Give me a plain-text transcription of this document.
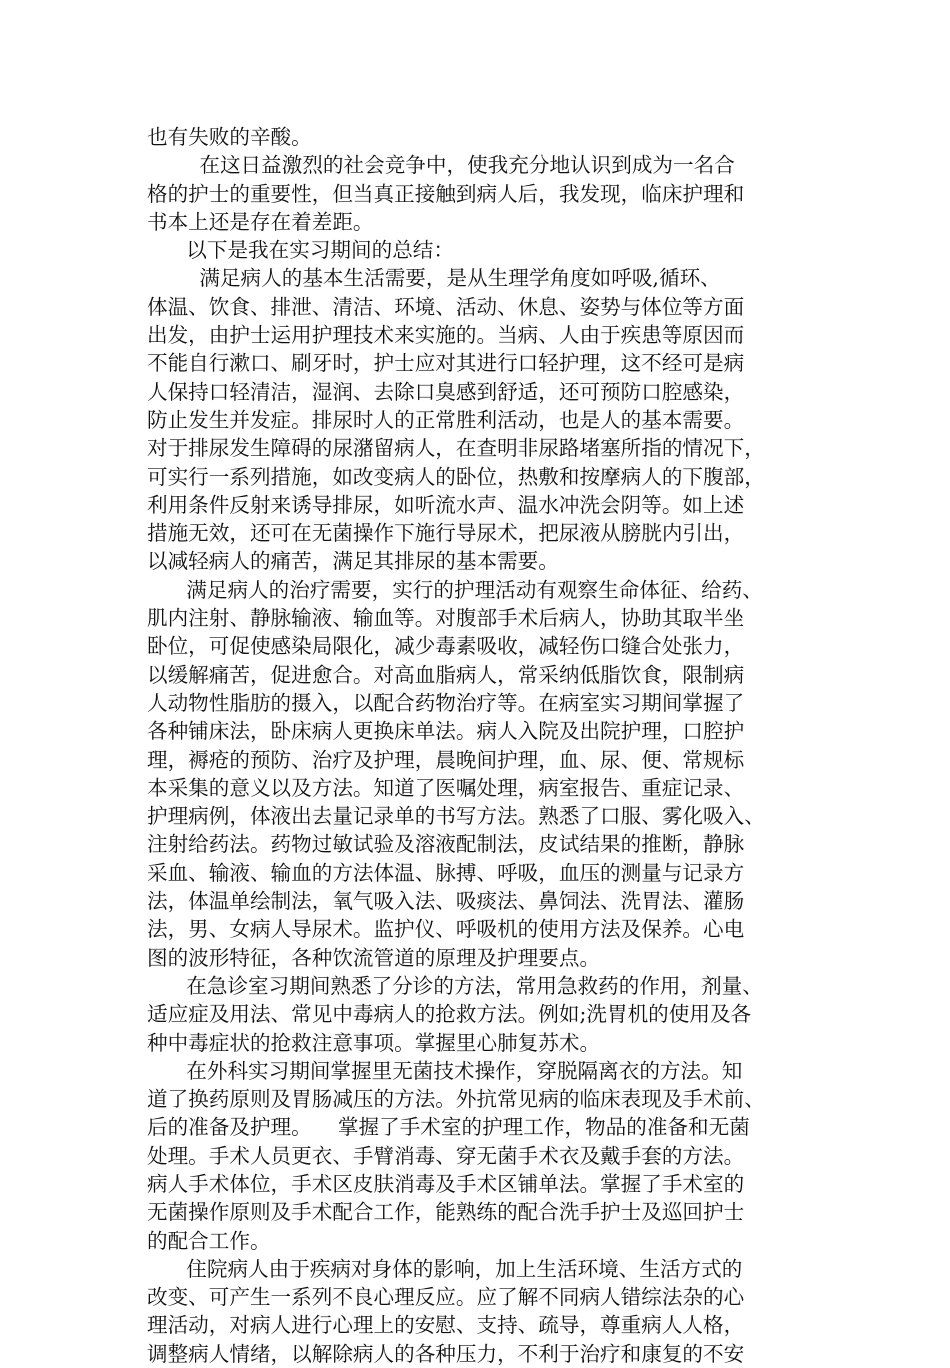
也有失败的辛酸。
在这日益激烈的社会竞争中，使我充分地认识到成为一名合
格的护士的重要性，但当真正接触到病人后，我发现，临床护理和
书本上还是存在着差距。
以下是我在实习期间的总结：
满足病人的基本生活需要，是从生理学角度如呼吸,循环、
体温、饮食、排泄、清洁、环境、活动、休息、姿势与体位等方面
出发，由护士运用护理技术来实施的。当病、人由于疾患等原因而
不能自行漱口、刷牙时，护士应对其进行口轻护理，这不经可是病
人保持口轻清洁，湿润、去除口臭感到舒适，还可预防口腔感染，
防止发生并发症。排尿时人的正常胜利活动，也是人的基本需要。
对于排尿发生障碍的尿潴留病人，在查明非尿路堵塞所指的情况下，
可实行一系列措施，如改变病人的卧位，热敷和按摩病人的下腹部，
利用条件反射来诱导排尿，如听流水声、温水冲洗会阴等。如上述
措施无效，还可在无菌操作下施行导尿术，把尿液从膀胱内引出，
以减轻病人的痛苦，满足其排尿的基本需要。
满足病人的治疗需要，实行的护理活动有观察生命体征、给药、
肌内注射、静脉输液、输血等。对腹部手术后病人，协助其取半坐
卧位，可促使感染局限化，减少毒素吸收，减轻伤口缝合处张力，
以缓解痛苦，促进愈合。对高血脂病人，常采纳低脂饮食，限制病
人动物性脂肪的摄入，以配合药物治疗等。在病室实习期间掌握了
各种铺床法，卧床病人更换床单法。病人入院及出院护理，口腔护
理，褥疮的预防、治疗及护理，晨晚间护理，血、尿、便、常规标
本采集的意义以及方法。知道了医嘱处理，病室报告、重症记录、
护理病例，体液出去量记录单的书写方法。熟悉了口服、雾化吸入、
注射给药法。药物过敏试验及溶液配制法，皮试结果的推断，静脉
采血、输液、输血的方法体温、脉搏、呼吸，血压的测量与记录方
法，体温单绘制法，氧气吸入法、吸痰法、鼻饲法、洗胃法、灌肠
法，男、女病人导尿术。监护仪、呼吸机的使用方法及保养。心电
图的波形特征，各种饮流管道的原理及护理要点。
在急诊室习期间熟悉了分诊的方法，常用急救药的作用，剂量、
适应症及用法、常见中毒病人的抢救方法。例如;洗胃机的使用及各
种中毒症状的抢救注意事项。掌握里心肺复苏术。
在外科实习期间掌握里无菌技术操作，穿脱隔离衣的方法。知
道了换药原则及胃肠减压的方法。外抗常见病的临床表现及手术前、
后的准备及护理。    掌握了手术室的护理工作，物品的准备和无菌
处理。手术人员更衣、手臂消毒、穿无菌手术衣及戴手套的方法。
病人手术体位，手术区皮肤消毒及手术区铺单法。掌握了手术室的
无菌操作原则及手术配合工作，能熟练的配合洗手护士及巡回护士
的配合工作。
住院病人由于疾病对身体的影响，加上生活环境、生活方式的
改变、可产生一系列不良心理反应。应了解不同病人错综法杂的心
理活动，对病人进行心理上的安慰、支持、疏导，尊重病人人格，
调整病人情绪，以解除病人的各种压力，不利于治疗和康复的不安
